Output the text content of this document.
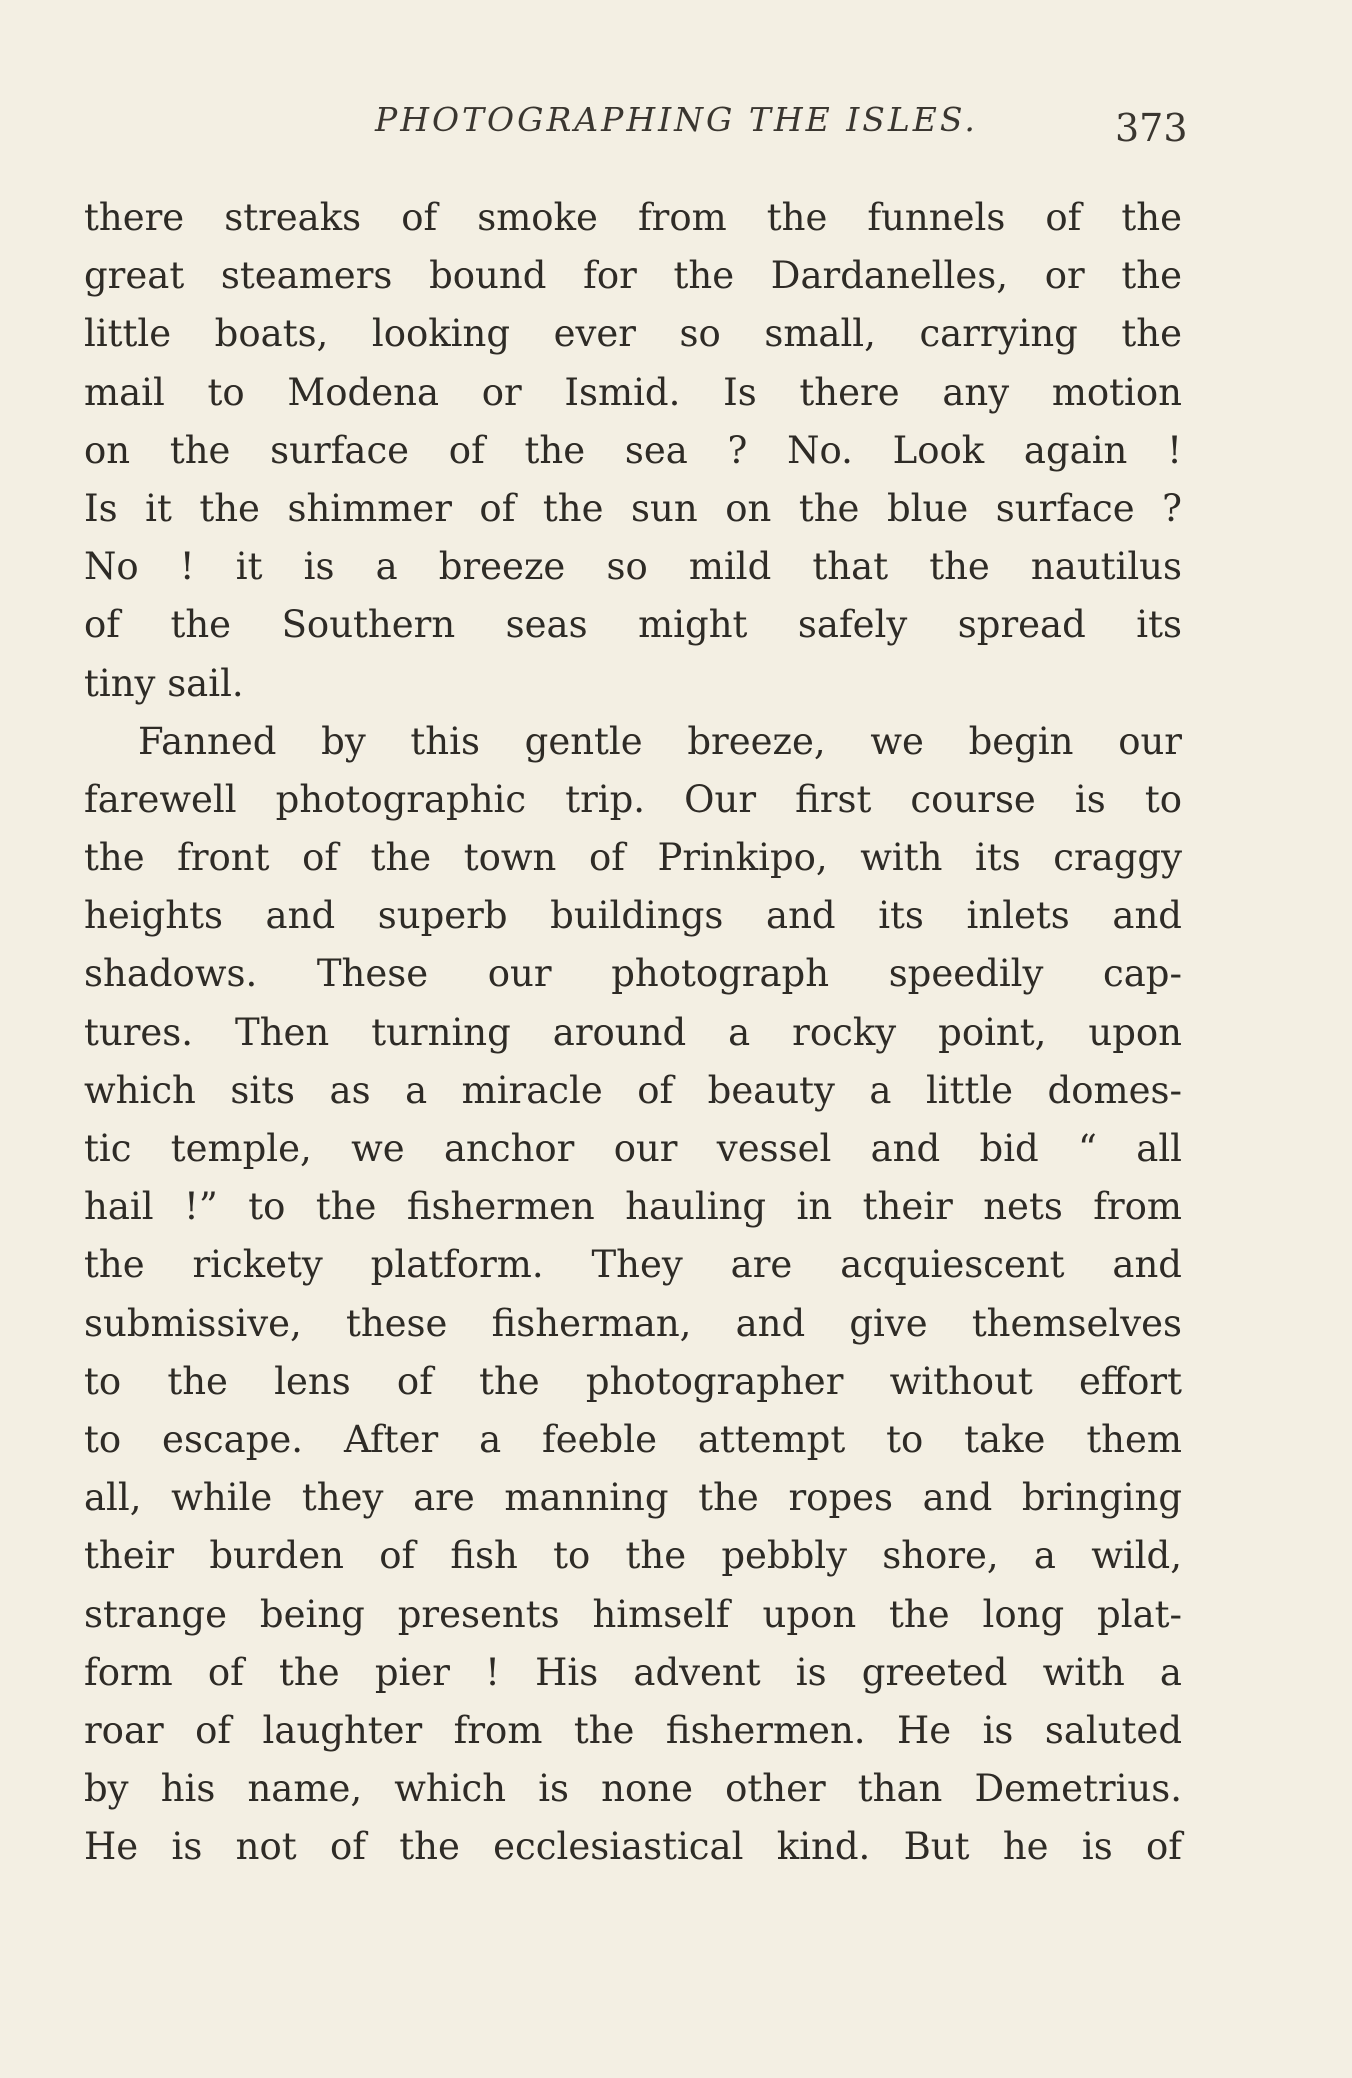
PHOTOGRAPHING THE ISLES.	373
there streaks of smoke from the funnels of the
great steamers bound for the Dardanelles, or the
little boats, looking ever so small, carrying the
mail to Modena or Ismid. Is there any motion
on the surface of the sea ? No. Look again !
Is it the shimmer of the sun on the blue surface ?
No ! it is a breeze so mild that the nautilus
of the Southern seas might safely spread its
tiny sail.
Fanned by this gentle breeze, we begin our
farewell photographic trip. Our first course is to
the front of the town of Prinkipo, with its craggy
heights and superb buildings and its inlets and
shadows. These our photograph speedily cap-
tures. Then turning around a rocky point, upon
which sits as a miracle of beauty a little domes-
tic temple, we anchor our vessel and bid “ all
hail !” to the fishermen hauling in their nets from
the rickety platform. They are acquiescent and
submissive, these fisherman, and give themselves
to the lens of the photographer without effort
to escape. After a feeble attempt to take them
all, while they are manning the ropes and bringing
their burden of fish to the pebbly shore, a wild,
strange being presents himself upon the long plat-
form of the pier ! His advent is greeted with a
roar of laughter from the fishermen. He is saluted
by his name, which is none other than Demetrius.
He is not of the ecclesiastical kind. But he is of
